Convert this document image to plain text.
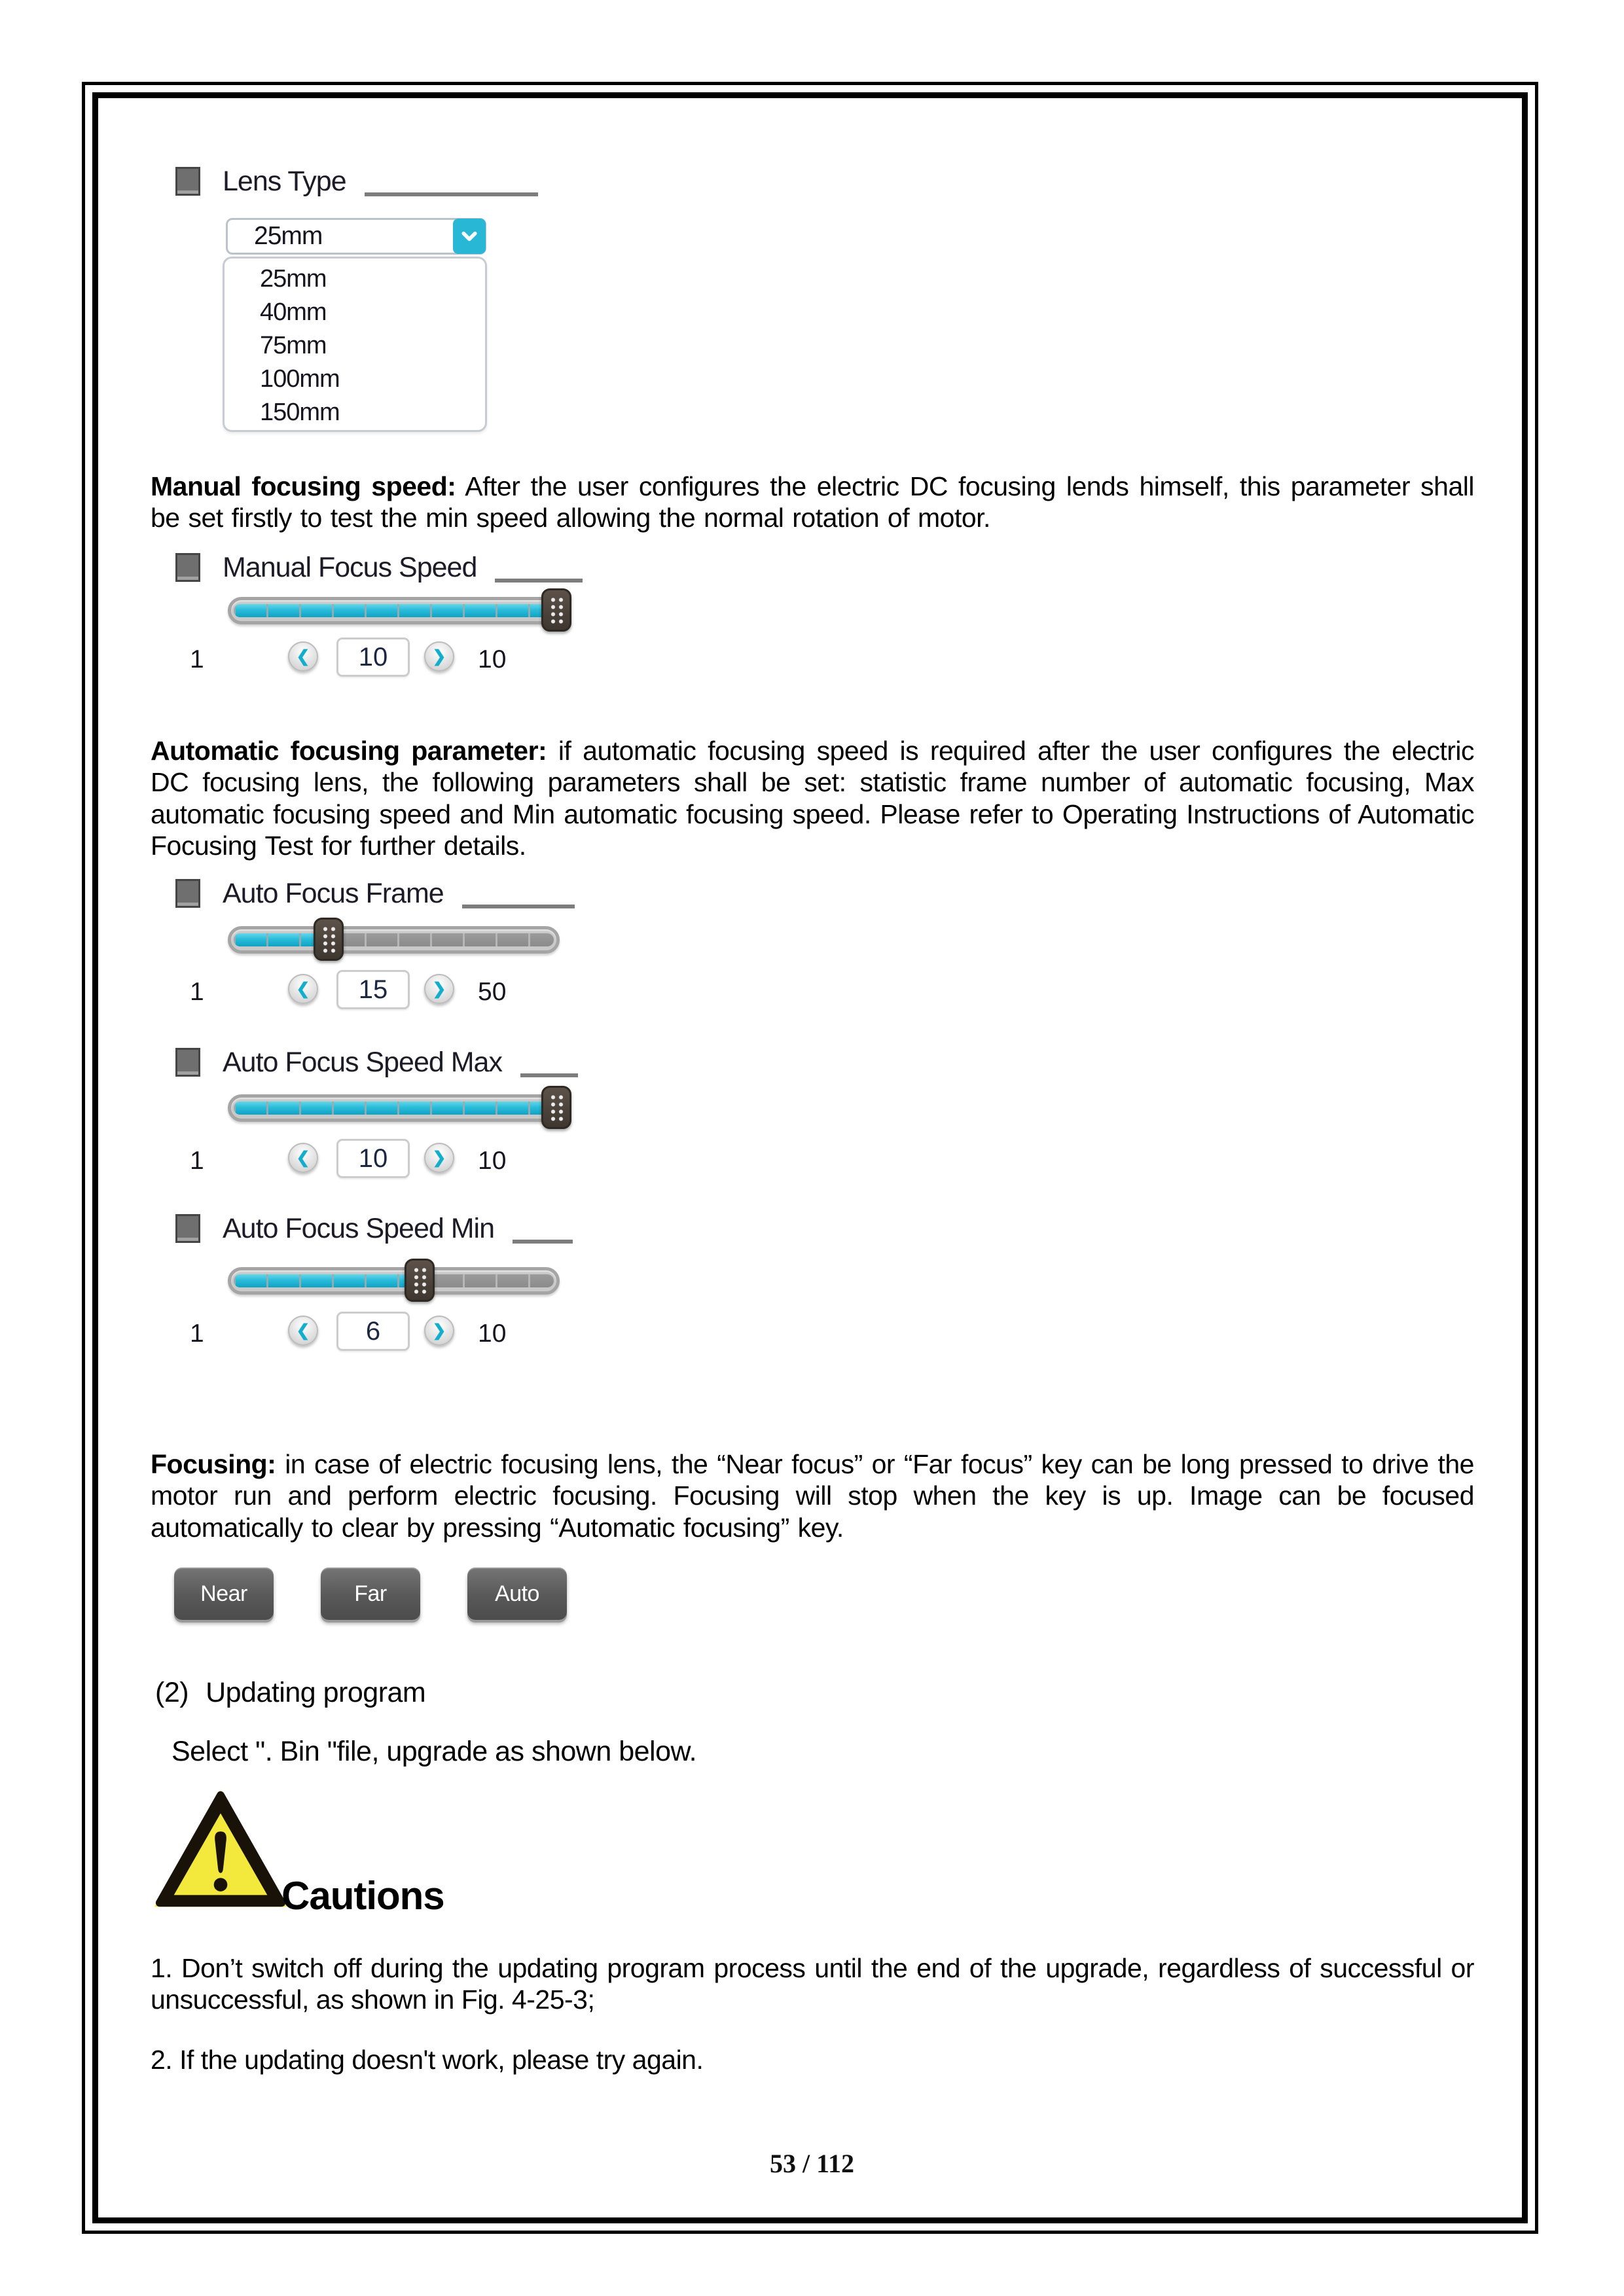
Lens Type
25mm
25mm
40mm
75mm
100mm
150mm

Manual focusing speed: After the user configures the electric DC focusing lends himself, this parameter shall be set firstly to test the min speed allowing the normal rotation of motor.

Manual Focus Speed
1	❮ 10	❯ 10

Automatic focusing parameter: if automatic focusing speed is required after the user configures the electric DC focusing lens, the following parameters shall be set: statistic frame number of automatic focusing, Max automatic focusing speed and Min automatic focusing speed. Please refer to Operating Instructions of Automatic Focusing Test for further details.

Auto Focus Frame
1	❮ 15	❯ 50
Auto Focus Speed Max
1	❮ 10	❯ 10
Auto Focus Speed Min
1	❮ 6	❯ 10

Focusing: in case of electric focusing lens, the “Near focus” or “Far focus” key can be long pressed to drive the motor run and perform electric focusing. Focusing will stop when the key is up. Image can be focused automatically to clear by pressing “Automatic focusing” key.

Near	Far	Auto
(2) Updating program
Select ". Bin "file, upgrade as shown below.
Cautions

1. Don’t switch off during the updating program process until the end of the upgrade, regardless of successful or unsuccessful, as shown in Fig. 4-25-3;

2. If the updating doesn't work, please try again.

53 / 112
